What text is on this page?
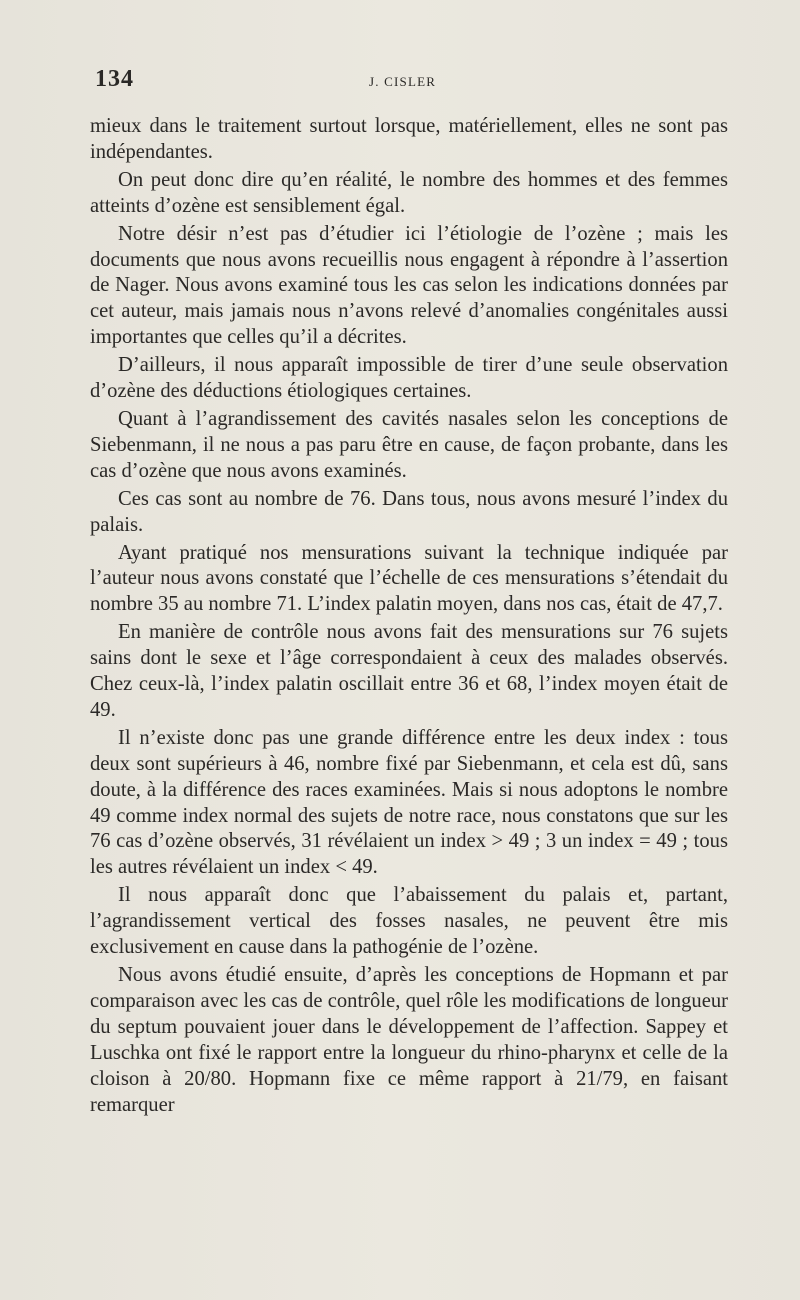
134	J. CISLER

mieux dans le traitement surtout lorsque, matériellement, elles ne sont pas indépendantes.

On peut donc dire qu’en réalité, le nombre des hommes et des femmes atteints d’ozène est sensiblement égal.

Notre désir n’est pas d’étudier ici l’étiologie de l’ozène ; mais les documents que nous avons recueillis nous engagent à répondre à l’assertion de Nager. Nous avons examiné tous les cas selon les indications données par cet auteur, mais jamais nous n’avons relevé d’anomalies congénitales aussi importantes que celles qu’il a décrites.

D’ailleurs, il nous apparaît impossible de tirer d’une seule observation d’ozène des déductions étiologiques certaines.

Quant à l’agrandissement des cavités nasales selon les conceptions de Siebenmann, il ne nous a pas paru être en cause, de façon probante, dans les cas d’ozène que nous avons examinés.

Ces cas sont au nombre de 76. Dans tous, nous avons mesuré l’index du palais.

Ayant pratiqué nos mensurations suivant la technique indiquée par l’auteur nous avons constaté que l’échelle de ces mensurations s’étendait du nombre 35 au nombre 71. L’index palatin moyen, dans nos cas, était de 47,7.

En manière de contrôle nous avons fait des mensurations sur 76 sujets sains dont le sexe et l’âge correspondaient à ceux des malades observés. Chez ceux-là, l’index palatin oscillait entre 36 et 68, l’index moyen était de 49.

Il n’existe donc pas une grande différence entre les deux index : tous deux sont supérieurs à 46, nombre fixé par Siebenmann, et cela est dû, sans doute, à la différence des races examinées. Mais si nous adoptons le nombre 49 comme index normal des sujets de notre race, nous constatons que sur les 76 cas d’ozène observés, 31 révélaient un index > 49 ; 3 un index = 49 ; tous les autres révélaient un index < 49.

Il nous apparaît donc que l’abaissement du palais et, partant, l’agrandissement vertical des fosses nasales, ne peuvent être mis exclusivement en cause dans la pathogénie de l’ozène.

Nous avons étudié ensuite, d’après les conceptions de Hopmann et par comparaison avec les cas de contrôle, quel rôle les modifications de longueur du septum pouvaient jouer dans le développement de l’affection. Sappey et Luschka ont fixé le rapport entre la longueur du rhino-pharynx et celle de la cloison à 20/80. Hopmann fixe ce même rapport à 21/79, en faisant remarquer
